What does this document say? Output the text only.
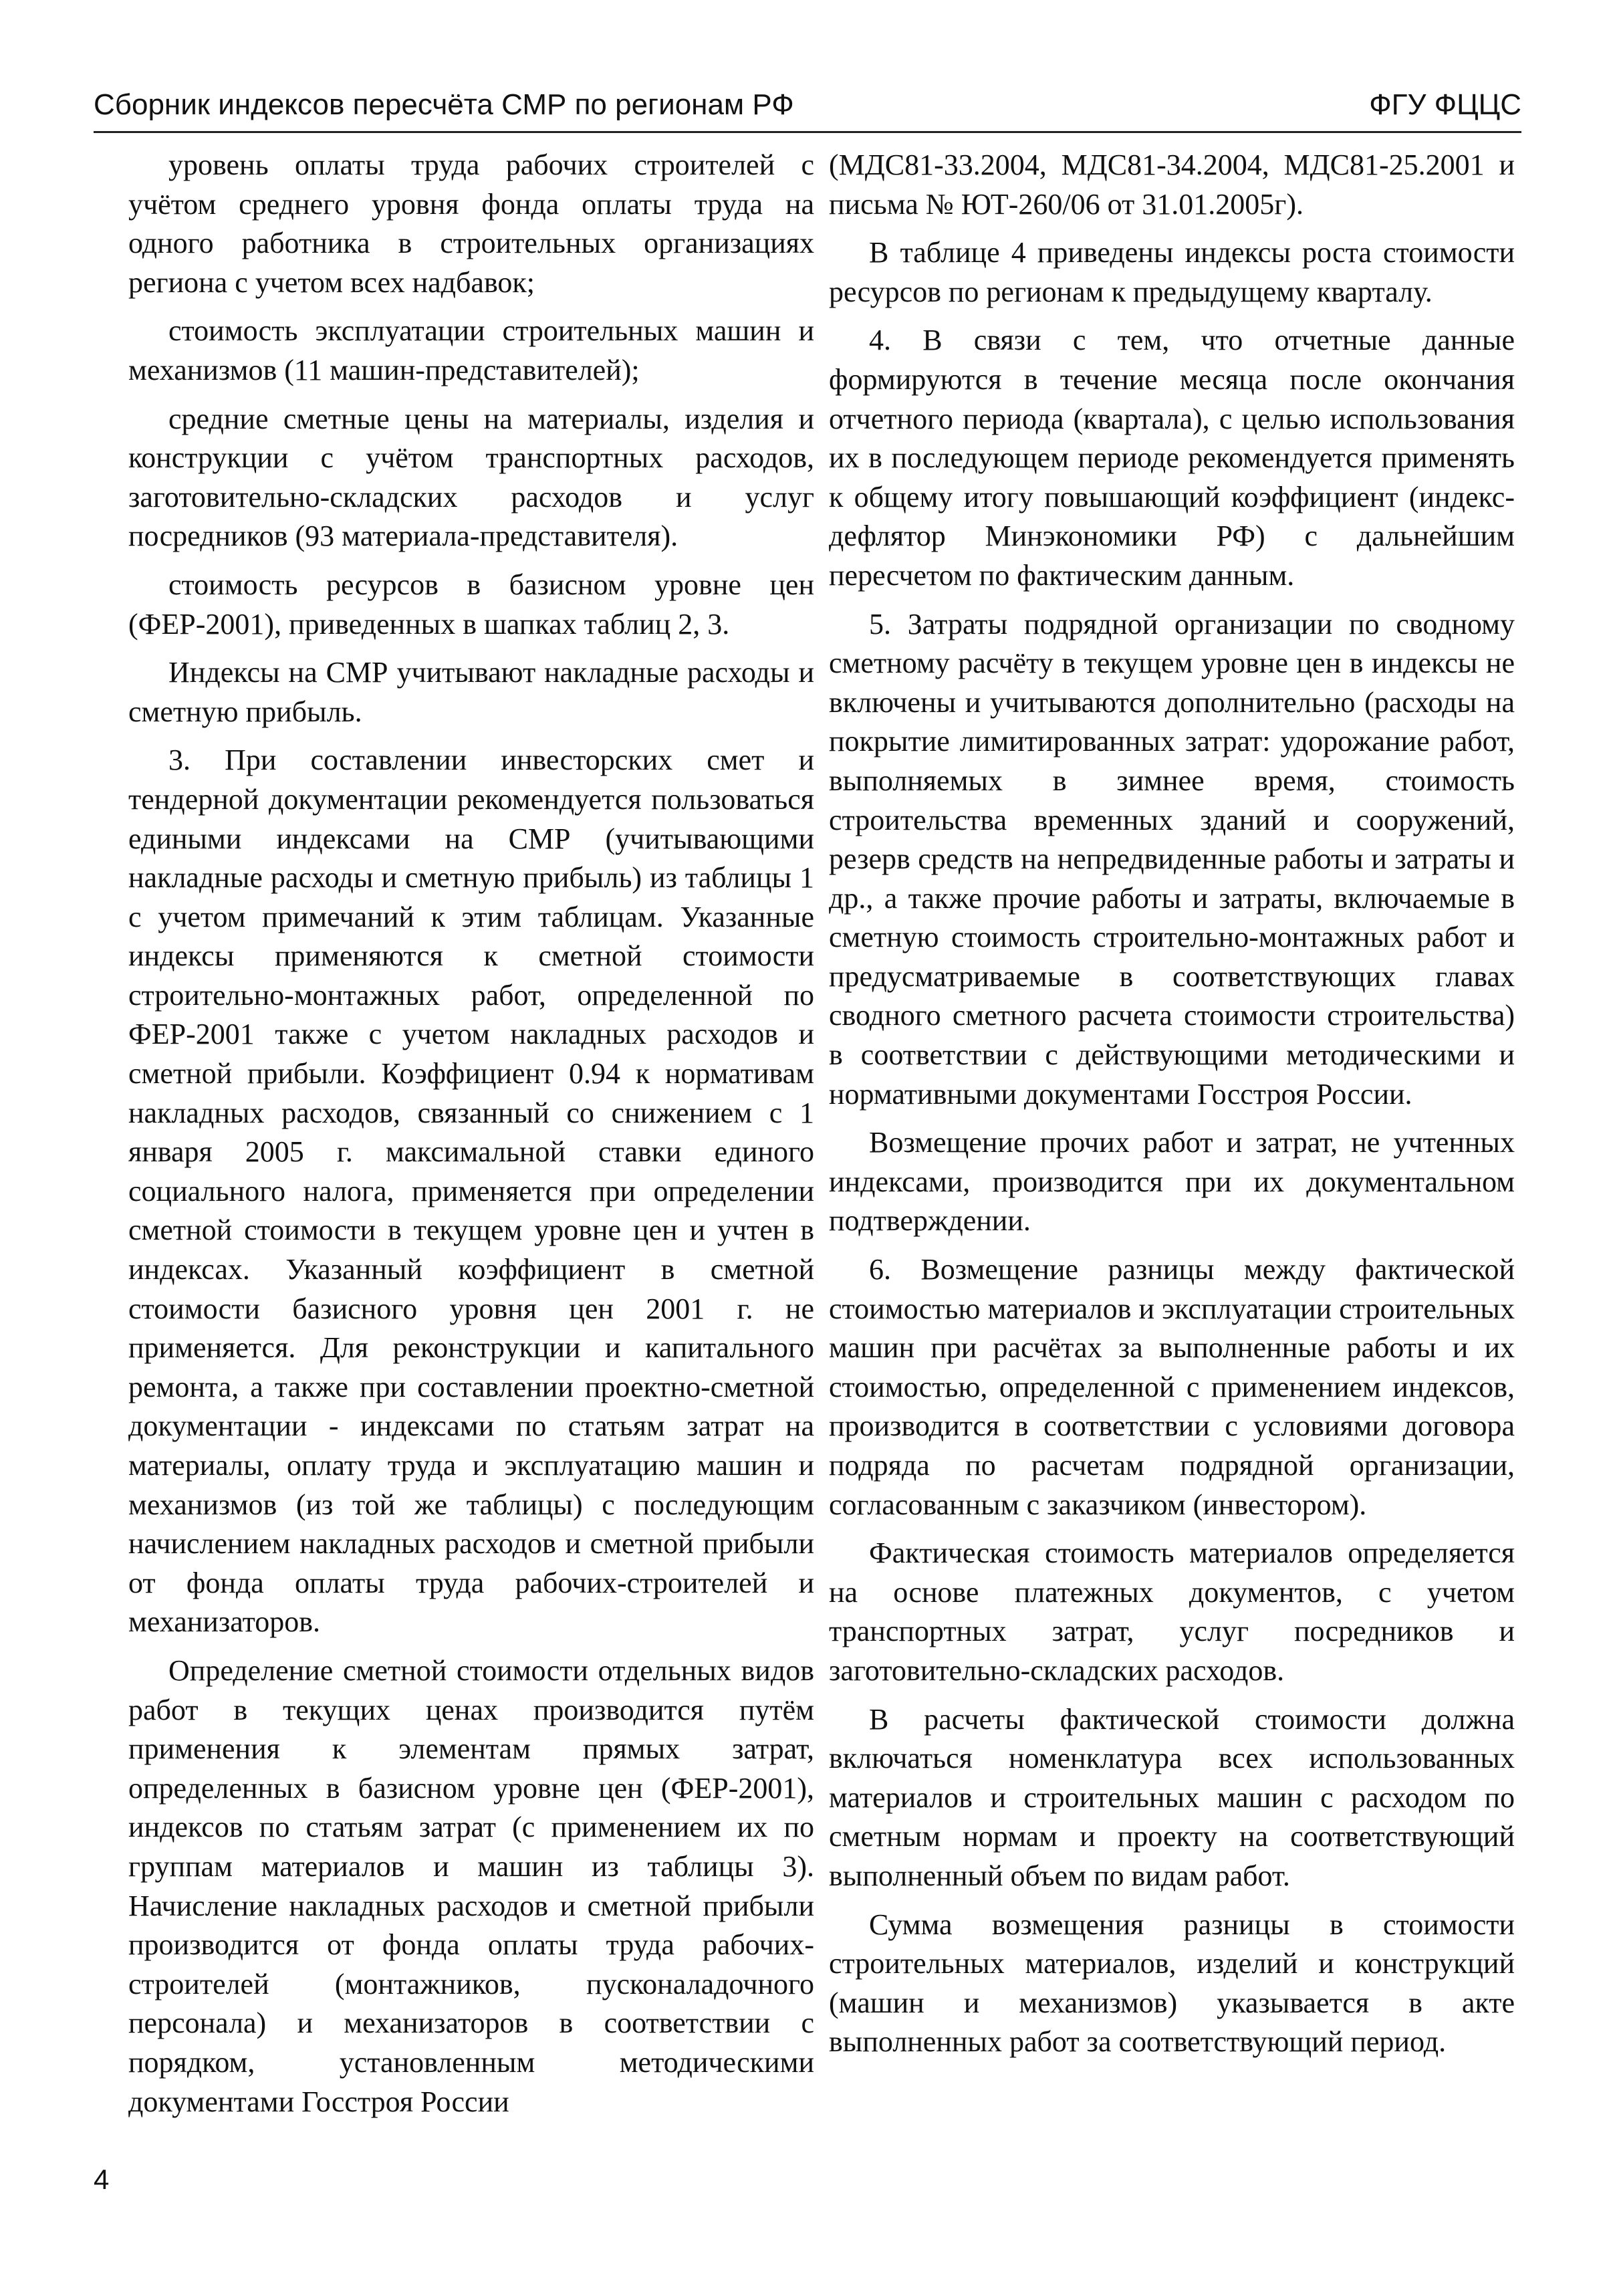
Сборник индексов пересчёта СМР по регионам РФ	ФГУ ФЦЦС

уровень оплаты труда рабочих строителей с учётом среднего уровня фонда оплаты труда на одного работника в строительных организациях региона с учетом всех надбавок;

стоимость эксплуатации строительных машин и механизмов (11 машин-представителей);

средние сметные цены на материалы, изделия и конструкции с учётом транспортных расходов, заготовительно-складских расходов и услуг посредников (93 материала-представителя).

стоимость ресурсов в базисном уровне цен (ФЕР-2001), приведенных в шапках таблиц 2, 3.

Индексы на СМР учитывают накладные расходы и сметную прибыль.

3. При составлении инвесторских смет и тендерной документации рекомендуется пользоваться едиными индексами на СМР (учитывающими накладные расходы и сметную прибыль) из таблицы 1 с учетом примечаний к этим таблицам. Указанные индексы применяются к сметной стоимости строительно-монтажных работ, определенной по ФЕР-2001 также с учетом накладных расходов и сметной прибыли. Коэффициент 0.94 к нормативам накладных расходов, связанный со снижением с 1 января 2005 г. максимальной ставки единого социального налога, применяется при определении сметной стоимости в текущем уровне цен и учтен в индексах. Указанный коэффициент в сметной стоимости базисного уровня цен 2001 г. не применяется. Для реконструкции и капитального ремонта, а также при составлении проектно-сметной документации - индексами по статьям затрат на материалы, оплату труда и эксплуатацию машин и механизмов (из той же таблицы) с последующим начислением накладных расходов и сметной прибыли от фонда оплаты труда рабочих-строителей и механизаторов.

Определение сметной стоимости отдельных видов работ в текущих ценах производится путём применения к элементам прямых затрат, определенных в базисном уровне цен (ФЕР-2001), индексов по статьям затрат (с применением их по группам материалов и машин из таблицы 3). Начисление накладных расходов и сметной прибыли производится от фонда оплаты труда рабочих-строителей (монтажников, пусконаладочного персонала) и механизаторов в соответствии с порядком, установленным методическими документами Госстроя России

(МДС81-33.2004, МДС81-34.2004, МДС81-25.2001 и письма № ЮТ-260/06 от 31.01.2005г).

В таблице 4 приведены индексы роста стоимости ресурсов по регионам к предыдущему кварталу.

4. В связи с тем, что отчетные данные формируются в течение месяца после окончания отчетного периода (квартала), с целью использования их в последующем периоде рекомендуется применять к общему итогу повышающий коэффициент (индекс-дефлятор Минэкономики РФ) с дальнейшим пересчетом по фактическим данным.

5. Затраты подрядной организации по сводному сметному расчёту в текущем уровне цен в индексы не включены и учитываются дополнительно (расходы на покрытие лимитированных затрат: удорожание работ, выполняемых в зимнее время, стоимость строительства временных зданий и сооружений, резерв средств на непредвиденные работы и затраты и др., а также прочие работы и затраты, включаемые в сметную стоимость строительно-монтажных работ и предусматриваемые в соответствующих главах сводного сметного расчета стоимости строительства) в соответствии с действующими методическими и нормативными документами Госстроя России.

Возмещение прочих работ и затрат, не учтенных индексами, производится при их документальном подтверждении.

6. Возмещение разницы между фактической стоимостью материалов и эксплуатации строительных машин при расчётах за выполненные работы и их стоимостью, определенной с применением индексов, производится в соответствии с условиями договора подряда по расчетам подрядной организации, согласованным с заказчиком (инвестором).

Фактическая стоимость материалов определяется на основе платежных документов, с учетом транспортных затрат, услуг посредников и заготовительно-складских расходов.

В расчеты фактической стоимости должна включаться номенклатура всех использованных материалов и строительных машин с расходом по сметным нормам и проекту на соответствующий выполненный объем по видам работ.

Сумма возмещения разницы в стоимости строительных материалов, изделий и конструкций (машин и механизмов) указывается в акте выполненных работ за соответствующий период.

4
